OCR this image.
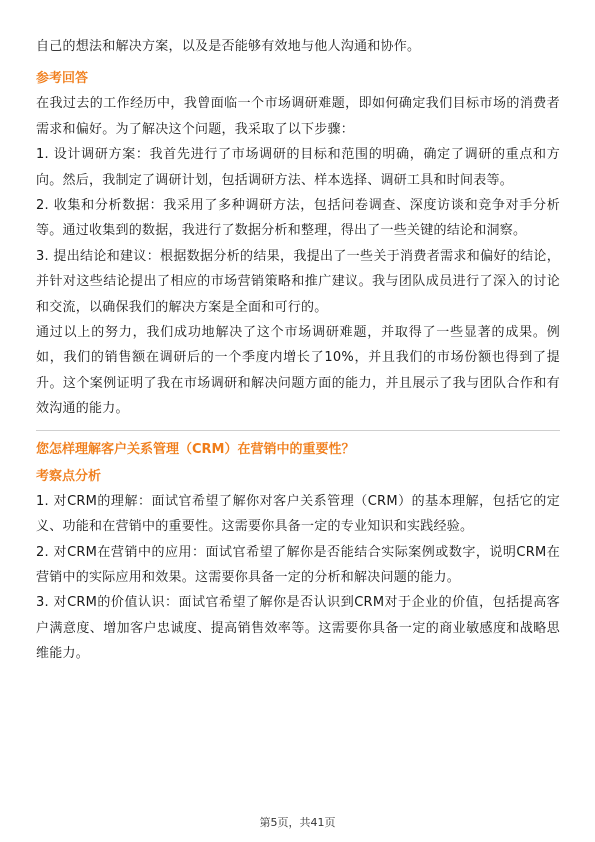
自己的想法和解决方案，以及是否能够有效地与他人沟通和协作。

参考回答

在我过去的工作经历中，我曾面临一个市场调研难题，即如何确定我们目标市场的消费者需求和偏好。为了解决这个问题，我采取了以下步骤：

1. 设计调研方案：我首先进行了市场调研的目标和范围的明确，确定了调研的重点和方向。然后，我制定了调研计划，包括调研方法、样本选择、调研工具和时间表等。

2. 收集和分析数据：我采用了多种调研方法，包括问卷调查、深度访谈和竞争对手分析等。通过收集到的数据，我进行了数据分析和整理，得出了一些关键的结论和洞察。

3. 提出结论和建议：根据数据分析的结果，我提出了一些关于消费者需求和偏好的结论，并针对这些结论提出了相应的市场营销策略和推广建议。我与团队成员进行了深入的讨论和交流，以确保我们的解决方案是全面和可行的。

通过以上的努力，我们成功地解决了这个市场调研难题，并取得了一些显著的成果。例如，我们的销售额在调研后的一个季度内增长了10%，并且我们的市场份额也得到了提升。这个案例证明了我在市场调研和解决问题方面的能力，并且展示了我与团队合作和有效沟通的能力。

您怎样理解客户关系管理（CRM）在营销中的重要性？
考察点分析

1. 对CRM的理解：面试官希望了解你对客户关系管理（CRM）的基本理解，包括它的定义、功能和在营销中的重要性。这需要你具备一定的专业知识和实践经验。

2. 对CRM在营销中的应用：面试官希望了解你是否能结合实际案例或数字，说明CRM在营销中的实际应用和效果。这需要你具备一定的分析和解决问题的能力。

3. 对CRM的价值认识：面试官希望了解你是否认识到CRM对于企业的价值，包括提高客户满意度、增加客户忠诚度、提高销售效率等。这需要你具备一定的商业敏感度和战略思维能力。

第5页，共41页
